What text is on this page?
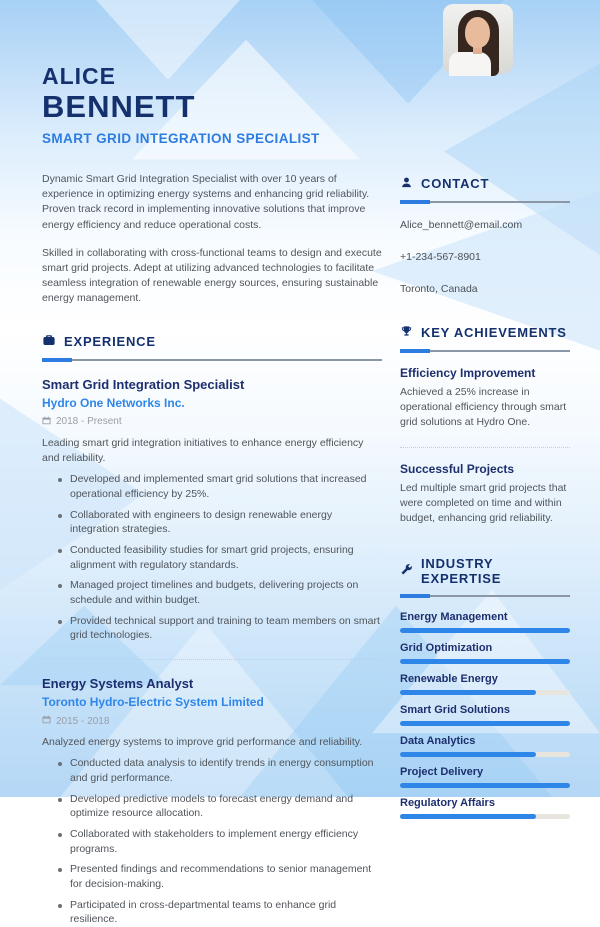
ALICE
BENNETT
SMART GRID INTEGRATION SPECIALIST

Dynamic Smart Grid Integration Specialist with over 10 years of experience in optimizing energy systems and enhancing grid reliability. Proven track record in implementing innovative solutions that improve energy efficiency and reduce operational costs.

Skilled in collaborating with cross-functional teams to design and execute smart grid projects. Adept at utilizing advanced technologies to facilitate seamless integration of renewable energy sources, ensuring sustainable energy management.

EXPERIENCE
Smart Grid Integration Specialist
Hydro One Networks Inc.
2018 - Present
Leading smart grid integration initiatives to enhance energy efficiency and reliability.
Developed and implemented smart grid solutions that increased operational efficiency by 25%.
Collaborated with engineers to design renewable energy integration strategies.
Conducted feasibility studies for smart grid projects, ensuring alignment with regulatory standards.
Managed project timelines and budgets, delivering projects on schedule and within budget.
Provided technical support and training to team members on smart grid technologies.
Energy Systems Analyst
Toronto Hydro-Electric System Limited
2015 - 2018
Analyzed energy systems to improve grid performance and reliability.
Conducted data analysis to identify trends in energy consumption and grid performance.
Developed predictive models to forecast energy demand and optimize resource allocation.
Collaborated with stakeholders to implement energy efficiency programs.
Presented findings and recommendations to senior management for decision-making.
Participated in cross-departmental teams to enhance grid resilience.
CONTACT
Alice_bennett@email.com
+1-234-567-8901
Toronto, Canada
KEY ACHIEVEMENTS
Efficiency Improvement
Achieved a 25% increase in operational efficiency through smart grid solutions at Hydro One.
Successful Projects
Led multiple smart grid projects that were completed on time and within budget, enhancing grid reliability.
INDUSTRY EXPERTISE
Energy Management
Grid Optimization
Renewable Energy
Smart Grid Solutions
Data Analytics
Project Delivery
Regulatory Affairs
